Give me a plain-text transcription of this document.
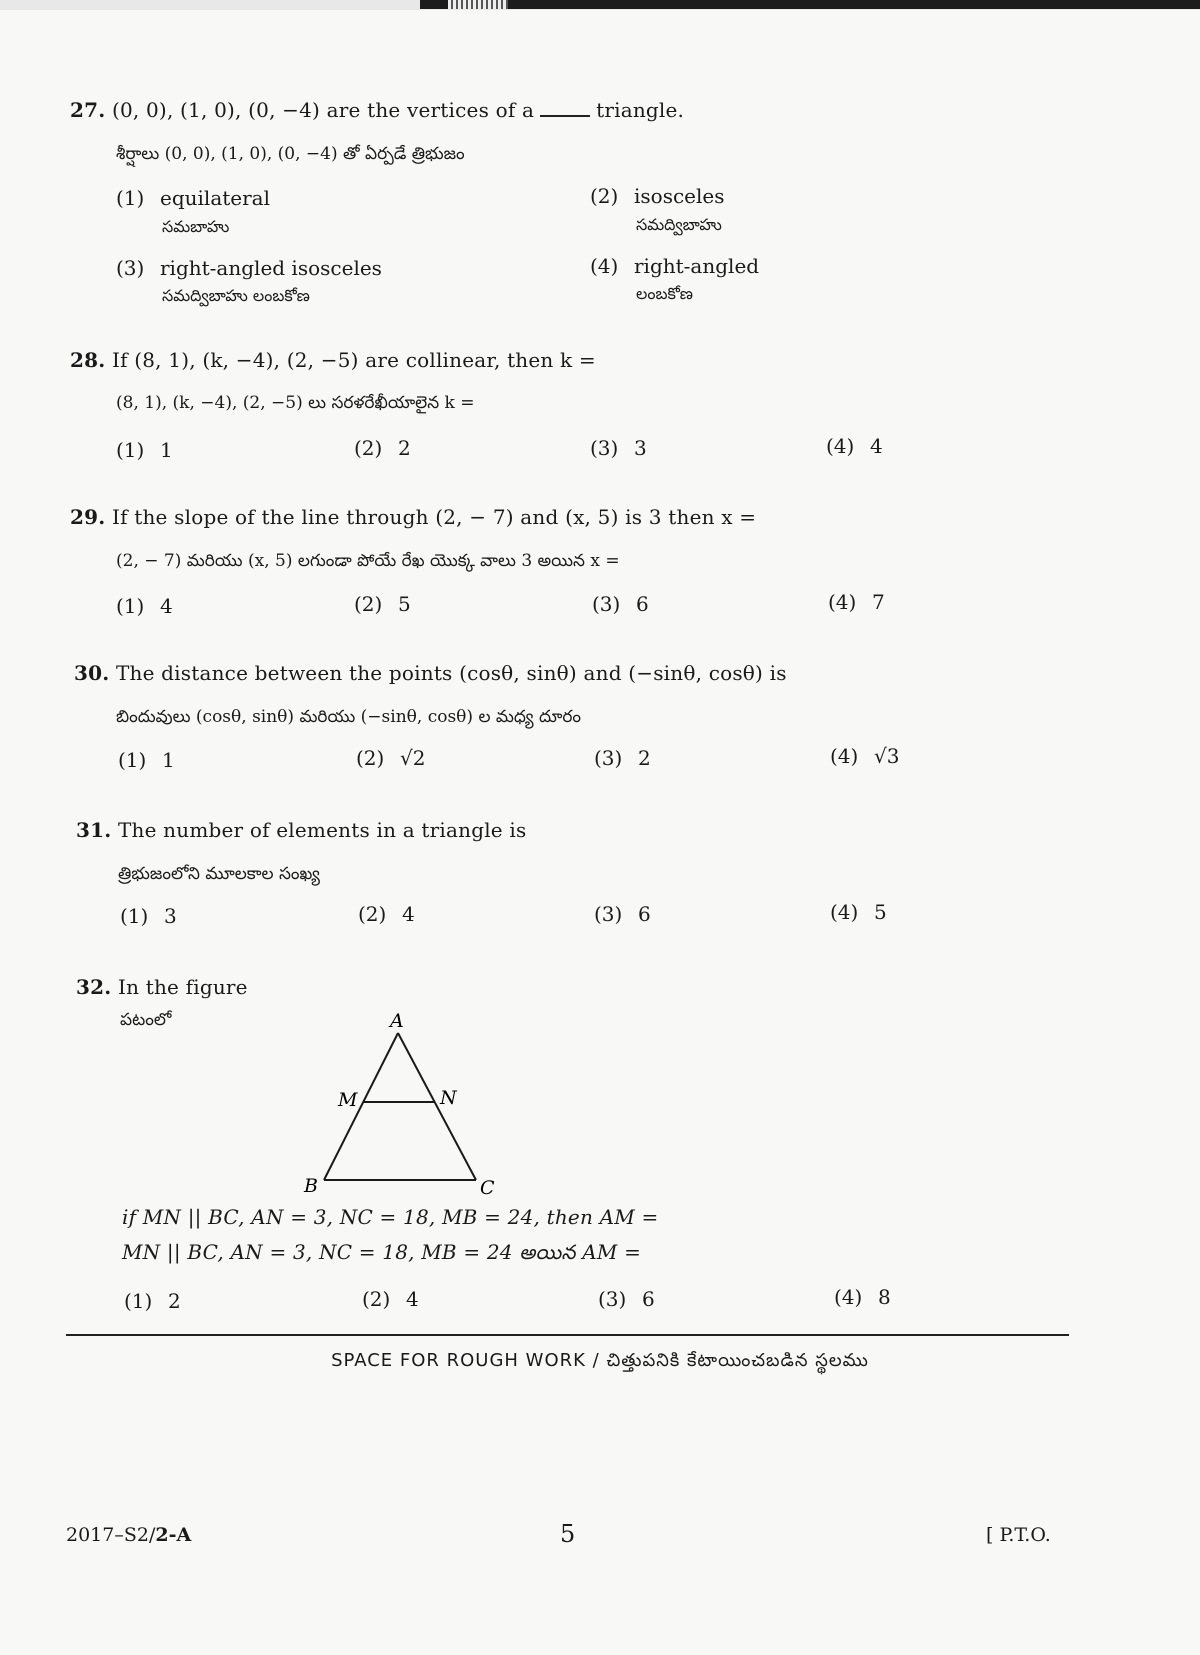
27. (0, 0), (1, 0), (0, −4) are the vertices of a	triangle.
శీర్షాలు (0, 0), (1, 0), (0, −4) తో ఏర్పడే త్రిభుజం
(1) equilateral
సమబాహు
(2) isosceles
సమద్విబాహు
(3) right-angled isosceles
సమద్విబాహు లంబకోణ
(4) right-angled
లంబకోణ
28. If (8, 1), (k, −4), (2, −5) are collinear, then k =
(8, 1), (k, −4), (2, −5) లు సరళరేఖీయాలైన k =
(1) 1	(2) 2	(3) 3	(4) 4
29. If the slope of the line through (2, − 7) and (x, 5) is 3 then x =
(2, − 7) మరియు (x, 5) లగుండా పోయే రేఖ యొక్క వాలు 3 అయిన x =
(1) 4	(2) 5	(3) 6	(4) 7
30. The distance between the points (cosθ, sinθ) and (−sinθ, cosθ) is
బిందువులు (cosθ, sinθ) మరియు (−sinθ, cosθ) ల మధ్య దూరం
(1) 1	(2) √2	(3) 2	(4) √3
31. The number of elements in a triangle is
త్రిభుజంలోని మూలకాల సంఖ్య
(1) 3	(2) 4	(3) 6	(4) 5
32. In the figure
పటంలో	A
M	N
B	C
if MN || BC, AN = 3, NC = 18, MB = 24, then AM =
MN || BC, AN = 3, NC = 18, MB = 24 అయిన AM =
(1) 2	(2) 4	(3) 6	(4) 8
SPACE FOR ROUGH WORK / చిత్తుపనికి కేటాయించబడిన స్థలము
2017–S2/2-A	5	[ P.T.O.
